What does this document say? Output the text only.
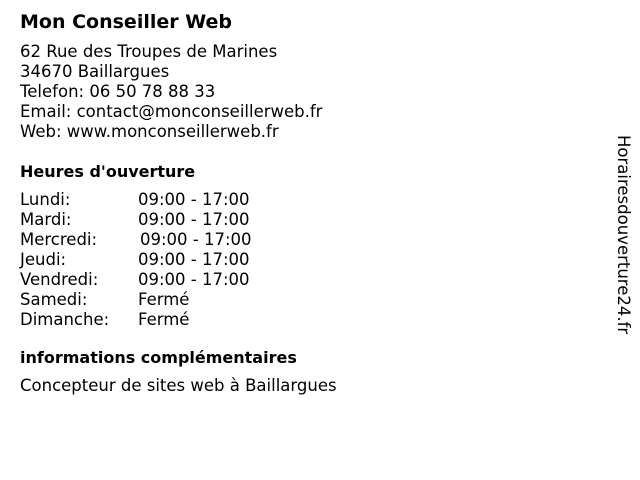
Mon Conseiller Web
62 Rue des Troupes de Marines
34670 Baillargues
Telefon: 06 50 78 88 33
Email: contact@monconseillerweb.fr
Web: www.monconseillerweb.fr
Heures d'ouverture
Lundi:	09:00 - 17:00
Mardi:	09:00 - 17:00
Mercredi:	09:00 - 17:00
Jeudi:	09:00 - 17:00
Vendredi:	09:00 - 17:00
Samedi:	Fermé
Dimanche:	Fermé
informations complémentaires
Concepteur de sites web à Baillargues
Horairesdouverture24.fr
